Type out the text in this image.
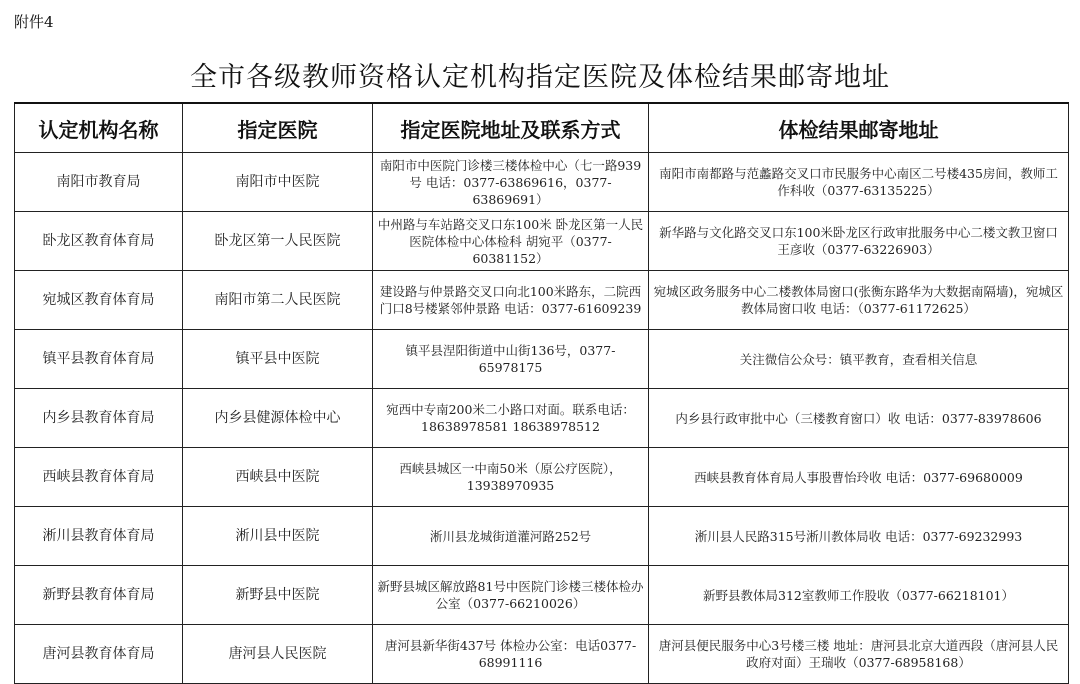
附件4
全市各级教师资格认定机构指定医院及体检结果邮寄地址
认定机构名称	指定医院	指定医院地址及联系方式	体检结果邮寄地址
南阳市教育局	南阳市中医院	南阳市中医院门诊楼三楼体检中心（七一路939号 电话：0377-63869616，0377-63869691）	南阳市南都路与范蠡路交叉口市民服务中心南区二号楼435房间，教师工作科收（0377-63135225）
卧龙区教育体育局	卧龙区第一人民医院	中州路与车站路交叉口东100米 卧龙区第一人民医院体检中心体检科 胡宛平（0377-60381152）	新华路与文化路交叉口东100米卧龙区行政审批服务中心二楼文教卫窗口王彦收（0377-63226903）
宛城区教育体育局	南阳市第二人民医院	建设路与仲景路交叉口向北100米路东，二院西门口8号楼紧邻仲景路 电话：0377-61609239	宛城区政务服务中心二楼教体局窗口(张衡东路华为大数据南隔墙)，宛城区教体局窗口收 电话：（0377-61172625）
镇平县教育体育局	镇平县中医院	镇平县涅阳街道中山街136号，0377-65978175	关注微信公众号：镇平教育，查看相关信息
内乡县教育体育局	内乡县健源体检中心	宛西中专南200米二小路口对面。联系电话：18638978581 18638978512	内乡县行政审批中心（三楼教育窗口）收 电话：0377-83978606
西峡县教育体育局	西峡县中医院	西峡县城区一中南50米（原公疗医院），13938970935	西峡县教育体育局人事股曹怡玲收 电话：0377-69680009
淅川县教育体育局	淅川县中医院	淅川县龙城街道灌河路252号	淅川县人民路315号淅川教体局收 电话：0377-69232993
新野县教育体育局	新野县中医院	新野县城区解放路81号中医院门诊楼三楼体检办公室（0377-66210026）	新野县教体局312室教师工作股收（0377-66218101）
唐河县教育体育局	唐河县人民医院	唐河县新华街437号 体检办公室：电话0377-68991116	唐河县便民服务中心3号楼三楼 地址：唐河县北京大道西段（唐河县人民政府对面）王瑞收（0377-68958168）
